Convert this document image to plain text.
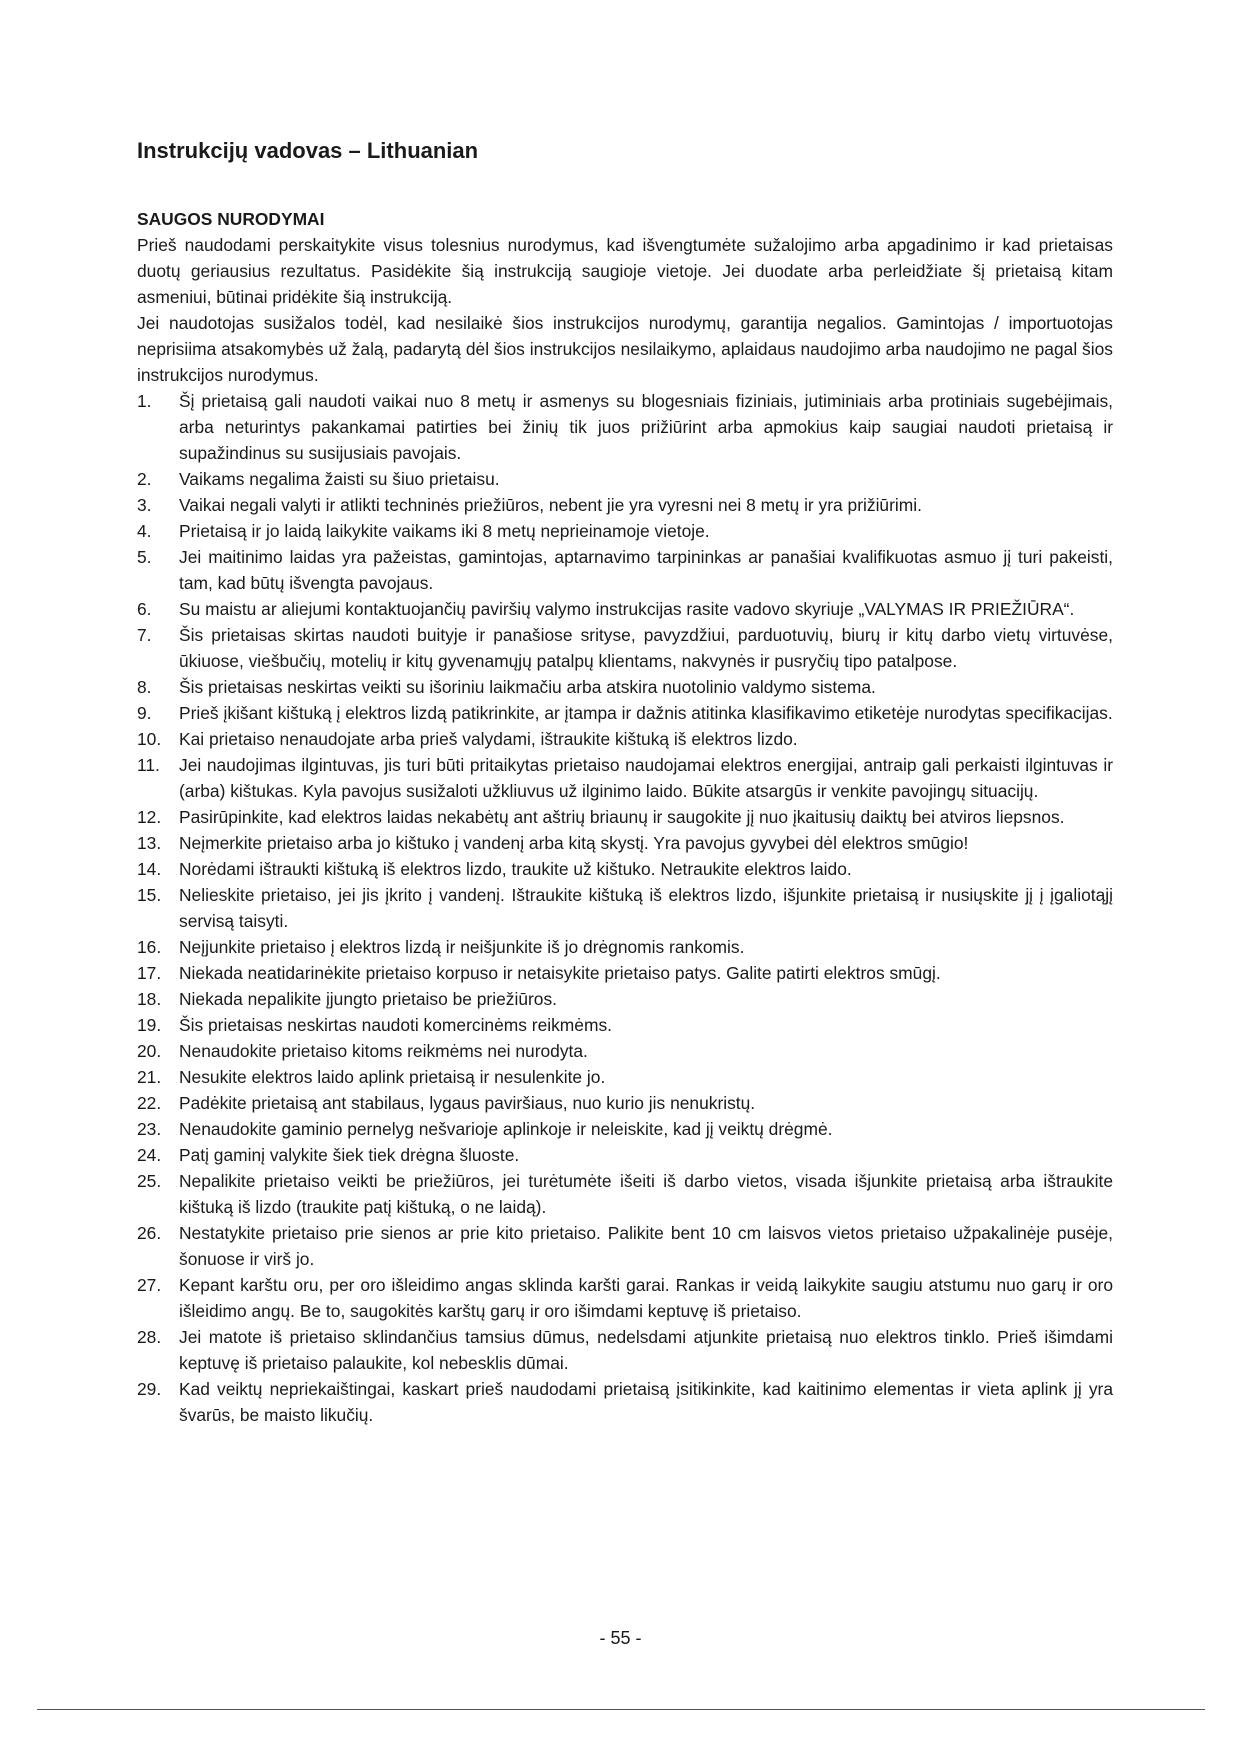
Instrukcijų vadovas – Lithuanian
SAUGOS NURODYMAI

Prieš naudodami perskaitykite visus tolesnius nurodymus, kad išvengtumėte sužalojimo arba apgadinimo ir kad prietaisas duotų geriausius rezultatus. Pasidėkite šią instrukciją saugioje vietoje. Jei duodate arba perleidžiate šį prietaisą kitam asmeniui, būtinai pridėkite šią instrukciją.

Jei naudotojas susižalos todėl, kad nesilaikė šios instrukcijos nurodymų, garantija negalios. Gamintojas / importuotojas neprisiima atsakomybės už žalą, padarytą dėl šios instrukcijos nesilaikymo, aplaidaus naudojimo arba naudojimo ne pagal šios instrukcijos nurodymus.

1.	Šį prietaisą gali naudoti vaikai nuo 8 metų ir asmenys su blogesniais fiziniais, jutiminiais arba protiniais sugebėjimais, arba neturintys pakankamai patirties bei žinių tik juos prižiūrint arba apmokius kaip saugiai naudoti prietaisą ir supažindinus su susijusiais pavojais.
2.	Vaikams negalima žaisti su šiuo prietaisu.
3.	Vaikai negali valyti ir atlikti techninės priežiūros, nebent jie yra vyresni nei 8 metų ir yra prižiūrimi.
4.	Prietaisą ir jo laidą laikykite vaikams iki 8 metų neprieinamoje vietoje.
5.	Jei maitinimo laidas yra pažeistas, gamintojas, aptarnavimo tarpininkas ar panašiai kvalifikuotas asmuo jį turi pakeisti, tam, kad būtų išvengta pavojaus.
6.	Su maistu ar aliejumi kontaktuojančių paviršių valymo instrukcijas rasite vadovo skyriuje „VALYMAS IR PRIEŽIŪRA“.
7.	Šis prietaisas skirtas naudoti buityje ir panašiose srityse, pavyzdžiui, parduotuvių, biurų ir kitų darbo vietų virtuvėse, ūkiuose, viešbučių, motelių ir kitų gyvenamųjų patalpų klientams, nakvynės ir pusryčių tipo patalpose.
8.	Šis prietaisas neskirtas veikti su išoriniu laikmačiu arba atskira nuotolinio valdymo sistema.
9.	Prieš įkišant kištuką į elektros lizdą patikrinkite, ar įtampa ir dažnis atitinka klasifikavimo etiketėje nurodytas specifikacijas.
10.	Kai prietaiso nenaudojate arba prieš valydami, ištraukite kištuką iš elektros lizdo.
11.	Jei naudojimas ilgintuvas, jis turi būti pritaikytas prietaiso naudojamai elektros energijai, antraip gali perkaisti ilgintuvas ir (arba) kištukas. Kyla pavojus susižaloti užkliuvus už ilginimo laido. Būkite atsargūs ir venkite pavojingų situacijų.
12.	Pasirūpinkite, kad elektros laidas nekabėtų ant aštrių briaunų ir saugokite jį nuo įkaitusių daiktų bei atviros liepsnos.
13.	Neįmerkite prietaiso arba jo kištuko į vandenį arba kitą skystį. Yra pavojus gyvybei dėl elektros smūgio!
14.	Norėdami ištraukti kištuką iš elektros lizdo, traukite už kištuko. Netraukite elektros laido.
15.	Nelieskite prietaiso, jei jis įkrito į vandenį. Ištraukite kištuką iš elektros lizdo, išjunkite prietaisą ir nusiųskite jį į įgaliotąjį servisą taisyti.
16.	Neįjunkite prietaiso į elektros lizdą ir neišjunkite iš jo drėgnomis rankomis.
17.	Niekada neatidarinėkite prietaiso korpuso ir netaisykite prietaiso patys. Galite patirti elektros smūgį.
18.	Niekada nepalikite įjungto prietaiso be priežiūros.
19.	Šis prietaisas neskirtas naudoti komercinėms reikmėms.
20.	Nenaudokite prietaiso kitoms reikmėms nei nurodyta.
21.	Nesukite elektros laido aplink prietaisą ir nesulenkite jo.
22.	Padėkite prietaisą ant stabilaus, lygaus paviršiaus, nuo kurio jis nenukristų.
23.	Nenaudokite gaminio pernelyg nešvarioje aplinkoje ir neleiskite, kad jį veiktų drėgmė.
24.	Patį gaminį valykite šiek tiek drėgna šluoste.
25.	Nepalikite prietaiso veikti be priežiūros, jei turėtumėte išeiti iš darbo vietos, visada išjunkite prietaisą arba ištraukite kištuką iš lizdo (traukite patį kištuką, o ne laidą).
26.	Nestatykite prietaiso prie sienos ar prie kito prietaiso. Palikite bent 10 cm laisvos vietos prietaiso užpakalinėje pusėje, šonuose ir virš jo.
27.	Kepant karštu oru, per oro išleidimo angas sklinda karšti garai. Rankas ir veidą laikykite saugiu atstumu nuo garų ir oro išleidimo angų. Be to, saugokitės karštų garų ir oro išimdami keptuvę iš prietaiso.
28.	Jei matote iš prietaiso sklindančius tamsius dūmus, nedelsdami atjunkite prietaisą nuo elektros tinklo. Prieš išimdami keptuvę iš prietaiso palaukite, kol nebesklis dūmai.
29.	Kad veiktų nepriekaištingai, kaskart prieš naudodami prietaisą įsitikinkite, kad kaitinimo elementas ir vieta aplink jį yra švarūs, be maisto likučių.
- 55 -
